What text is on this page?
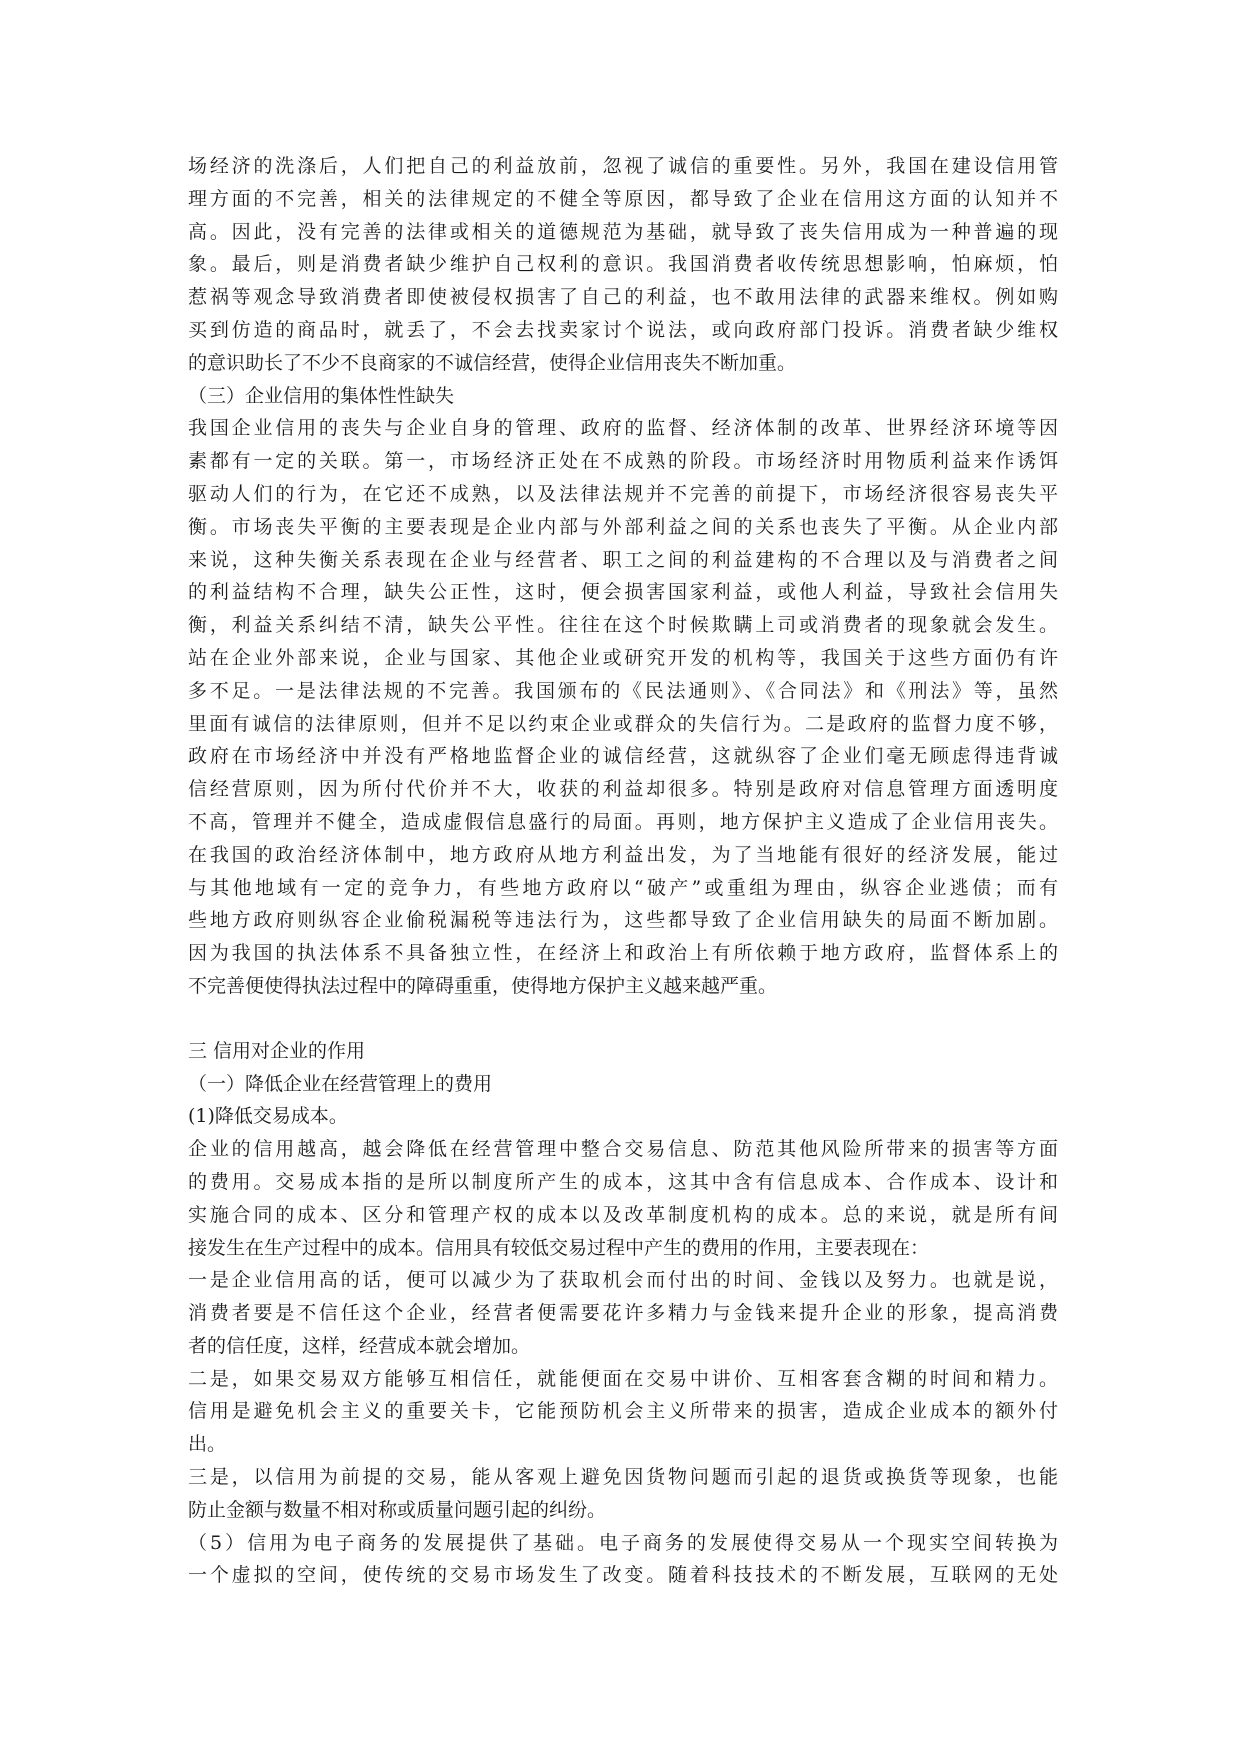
场经济的洗涤后，人们把自己的利益放前，忽视了诚信的重要性。另外，我国在建设信用管
理方面的不完善，相关的法律规定的不健全等原因，都导致了企业在信用这方面的认知并不
高。因此，没有完善的法律或相关的道德规范为基础，就导致了丧失信用成为一种普遍的现
象。最后，则是消费者缺少维护自己权利的意识。我国消费者收传统思想影响，怕麻烦，怕
惹祸等观念导致消费者即使被侵权损害了自己的利益，也不敢用法律的武器来维权。例如购
买到仿造的商品时，就丢了，不会去找卖家讨个说法，或向政府部门投诉。消费者缺少维权
的意识助长了不少不良商家的不诚信经营，使得企业信用丧失不断加重。
（三）企业信用的集体性性缺失
我国企业信用的丧失与企业自身的管理、政府的监督、经济体制的改革、世界经济环境等因
素都有一定的关联。第一，市场经济正处在不成熟的阶段。市场经济时用物质利益来作诱饵
驱动人们的行为，在它还不成熟，以及法律法规并不完善的前提下，市场经济很容易丧失平
衡。市场丧失平衡的主要表现是企业内部与外部利益之间的关系也丧失了平衡。从企业内部
来说，这种失衡关系表现在企业与经营者、职工之间的利益建构的不合理以及与消费者之间
的利益结构不合理，缺失公正性，这时，便会损害国家利益，或他人利益，导致社会信用失
衡，利益关系纠结不清，缺失公平性。往往在这个时候欺瞒上司或消费者的现象就会发生。
站在企业外部来说，企业与国家、其他企业或研究开发的机构等，我国关于这些方面仍有许
多不足。一是法律法规的不完善。我国颁布的《民法通则》、《合同法》和《刑法》等，虽然
里面有诚信的法律原则，但并不足以约束企业或群众的失信行为。二是政府的监督力度不够，
政府在市场经济中并没有严格地监督企业的诚信经营，这就纵容了企业们毫无顾虑得违背诚
信经营原则，因为所付代价并不大，收获的利益却很多。特别是政府对信息管理方面透明度
不高，管理并不健全，造成虚假信息盛行的局面。再则，地方保护主义造成了企业信用丧失。
在我国的政治经济体制中，地方政府从地方利益出发，为了当地能有很好的经济发展，能过
与其他地域有一定的竞争力，有些地方政府以“破产”或重组为理由，纵容企业逃债；而有
些地方政府则纵容企业偷税漏税等违法行为，这些都导致了企业信用缺失的局面不断加剧。
因为我国的执法体系不具备独立性，在经济上和政治上有所依赖于地方政府，监督体系上的
不完善便使得执法过程中的障碍重重，使得地方保护主义越来越严重。
三 信用对企业的作用
（一）降低企业在经营管理上的费用
(1)降低交易成本。
企业的信用越高，越会降低在经营管理中整合交易信息、防范其他风险所带来的损害等方面
的费用。交易成本指的是所以制度所产生的成本，这其中含有信息成本、合作成本、设计和
实施合同的成本、区分和管理产权的成本以及改革制度机构的成本。总的来说，就是所有间
接发生在生产过程中的成本。信用具有较低交易过程中产生的费用的作用，主要表现在：
一是企业信用高的话，便可以减少为了获取机会而付出的时间、金钱以及努力。也就是说，
消费者要是不信任这个企业，经营者便需要花许多精力与金钱来提升企业的形象，提高消费
者的信任度，这样，经营成本就会增加。
二是，如果交易双方能够互相信任，就能便面在交易中讲价、互相客套含糊的时间和精力。
信用是避免机会主义的重要关卡，它能预防机会主义所带来的损害，造成企业成本的额外付
出。
三是，以信用为前提的交易，能从客观上避免因货物问题而引起的退货或换货等现象，也能
防止金额与数量不相对称或质量问题引起的纠纷。
（5）信用为电子商务的发展提供了基础。电子商务的发展使得交易从一个现实空间转换为
一个虚拟的空间，使传统的交易市场发生了改变。随着科技技术的不断发展，互联网的无处
